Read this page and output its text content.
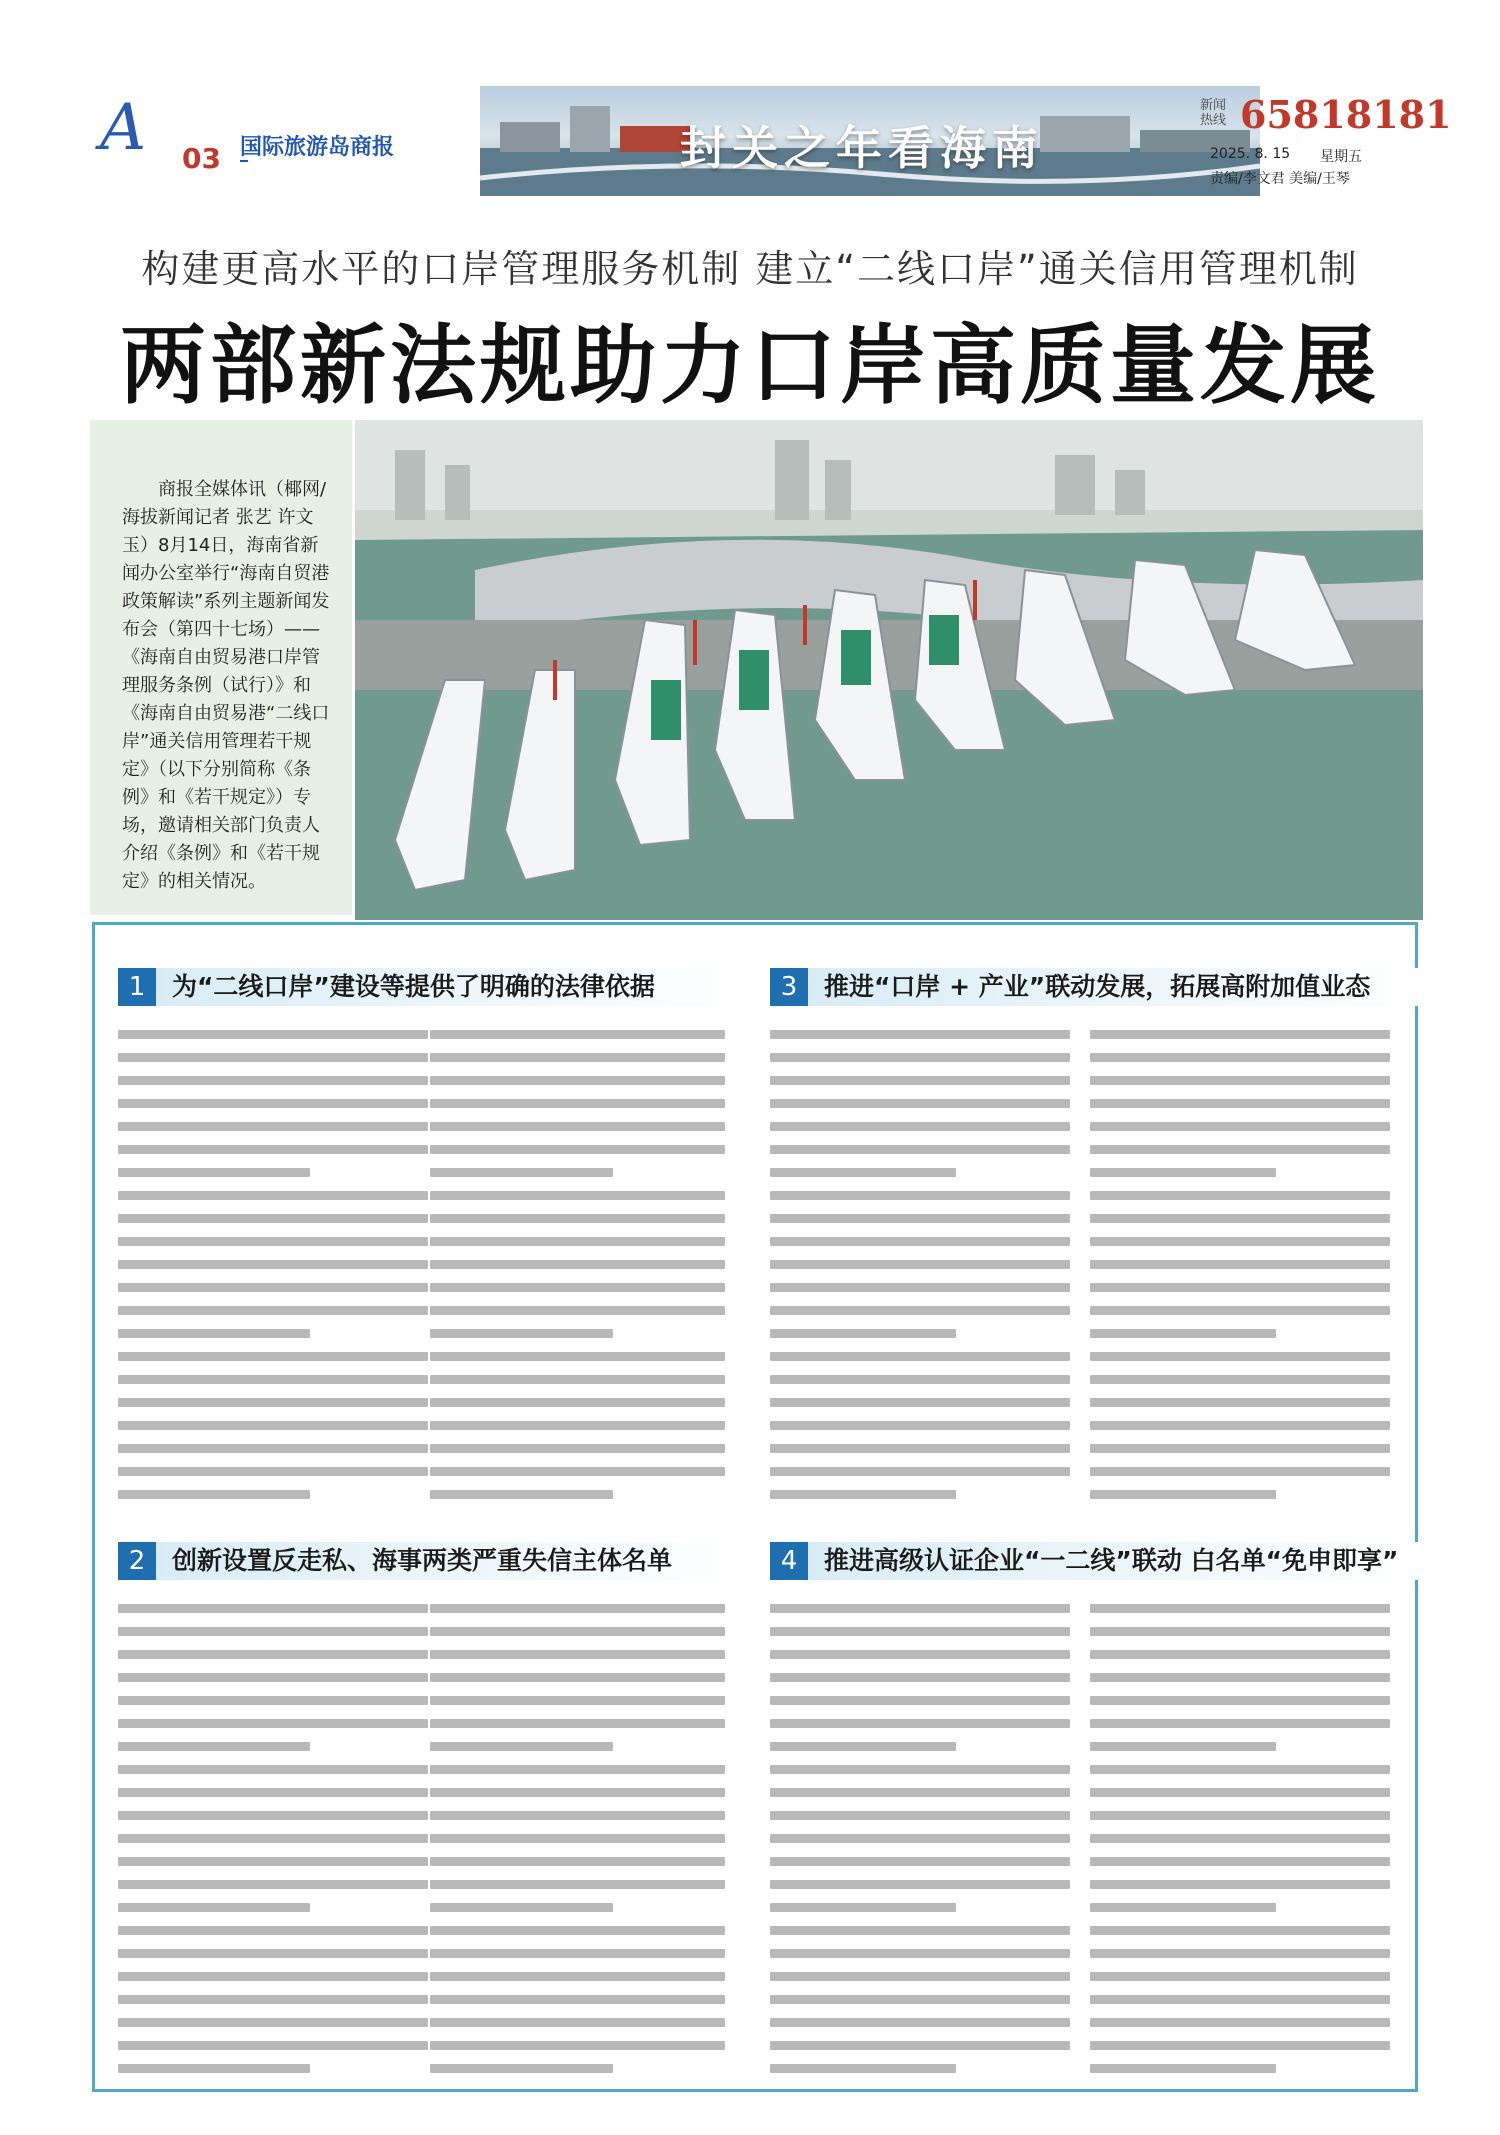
A 03 国际旅游岛商报	封关之年看海南
新闻热线 65818181
2025. 8. 15 星期五
责编/李文君 美编/王琴
构建更高水平的口岸管理服务机制 建立“二线口岸”通关信用管理机制
两部新法规助力口岸高质量发展
商报全媒体讯（椰网/海拔新闻记者 张艺 许文玉）8月14日，海南省新闻办公室举行“海南自贸港政策解读”系列主题新闻发布会（第四十七场）——《海南自由贸易港口岸管理服务条例（试行）》和《海南自由贸易港“二线口岸”通关信用管理若干规定》（以下分别简称《条例》和《若干规定》）专场，邀请相关部门负责人介绍《条例》和《若干规定》的相关情况。
1	为“二线口岸”建设等提供了明确的法律依据	3	推进“口岸 + 产业”联动发展，拓展高附加值业态
2	创新设置反走私、海事两类严重失信主体名单	4	推进高级认证企业“一二线”联动 白名单“免申即享”
